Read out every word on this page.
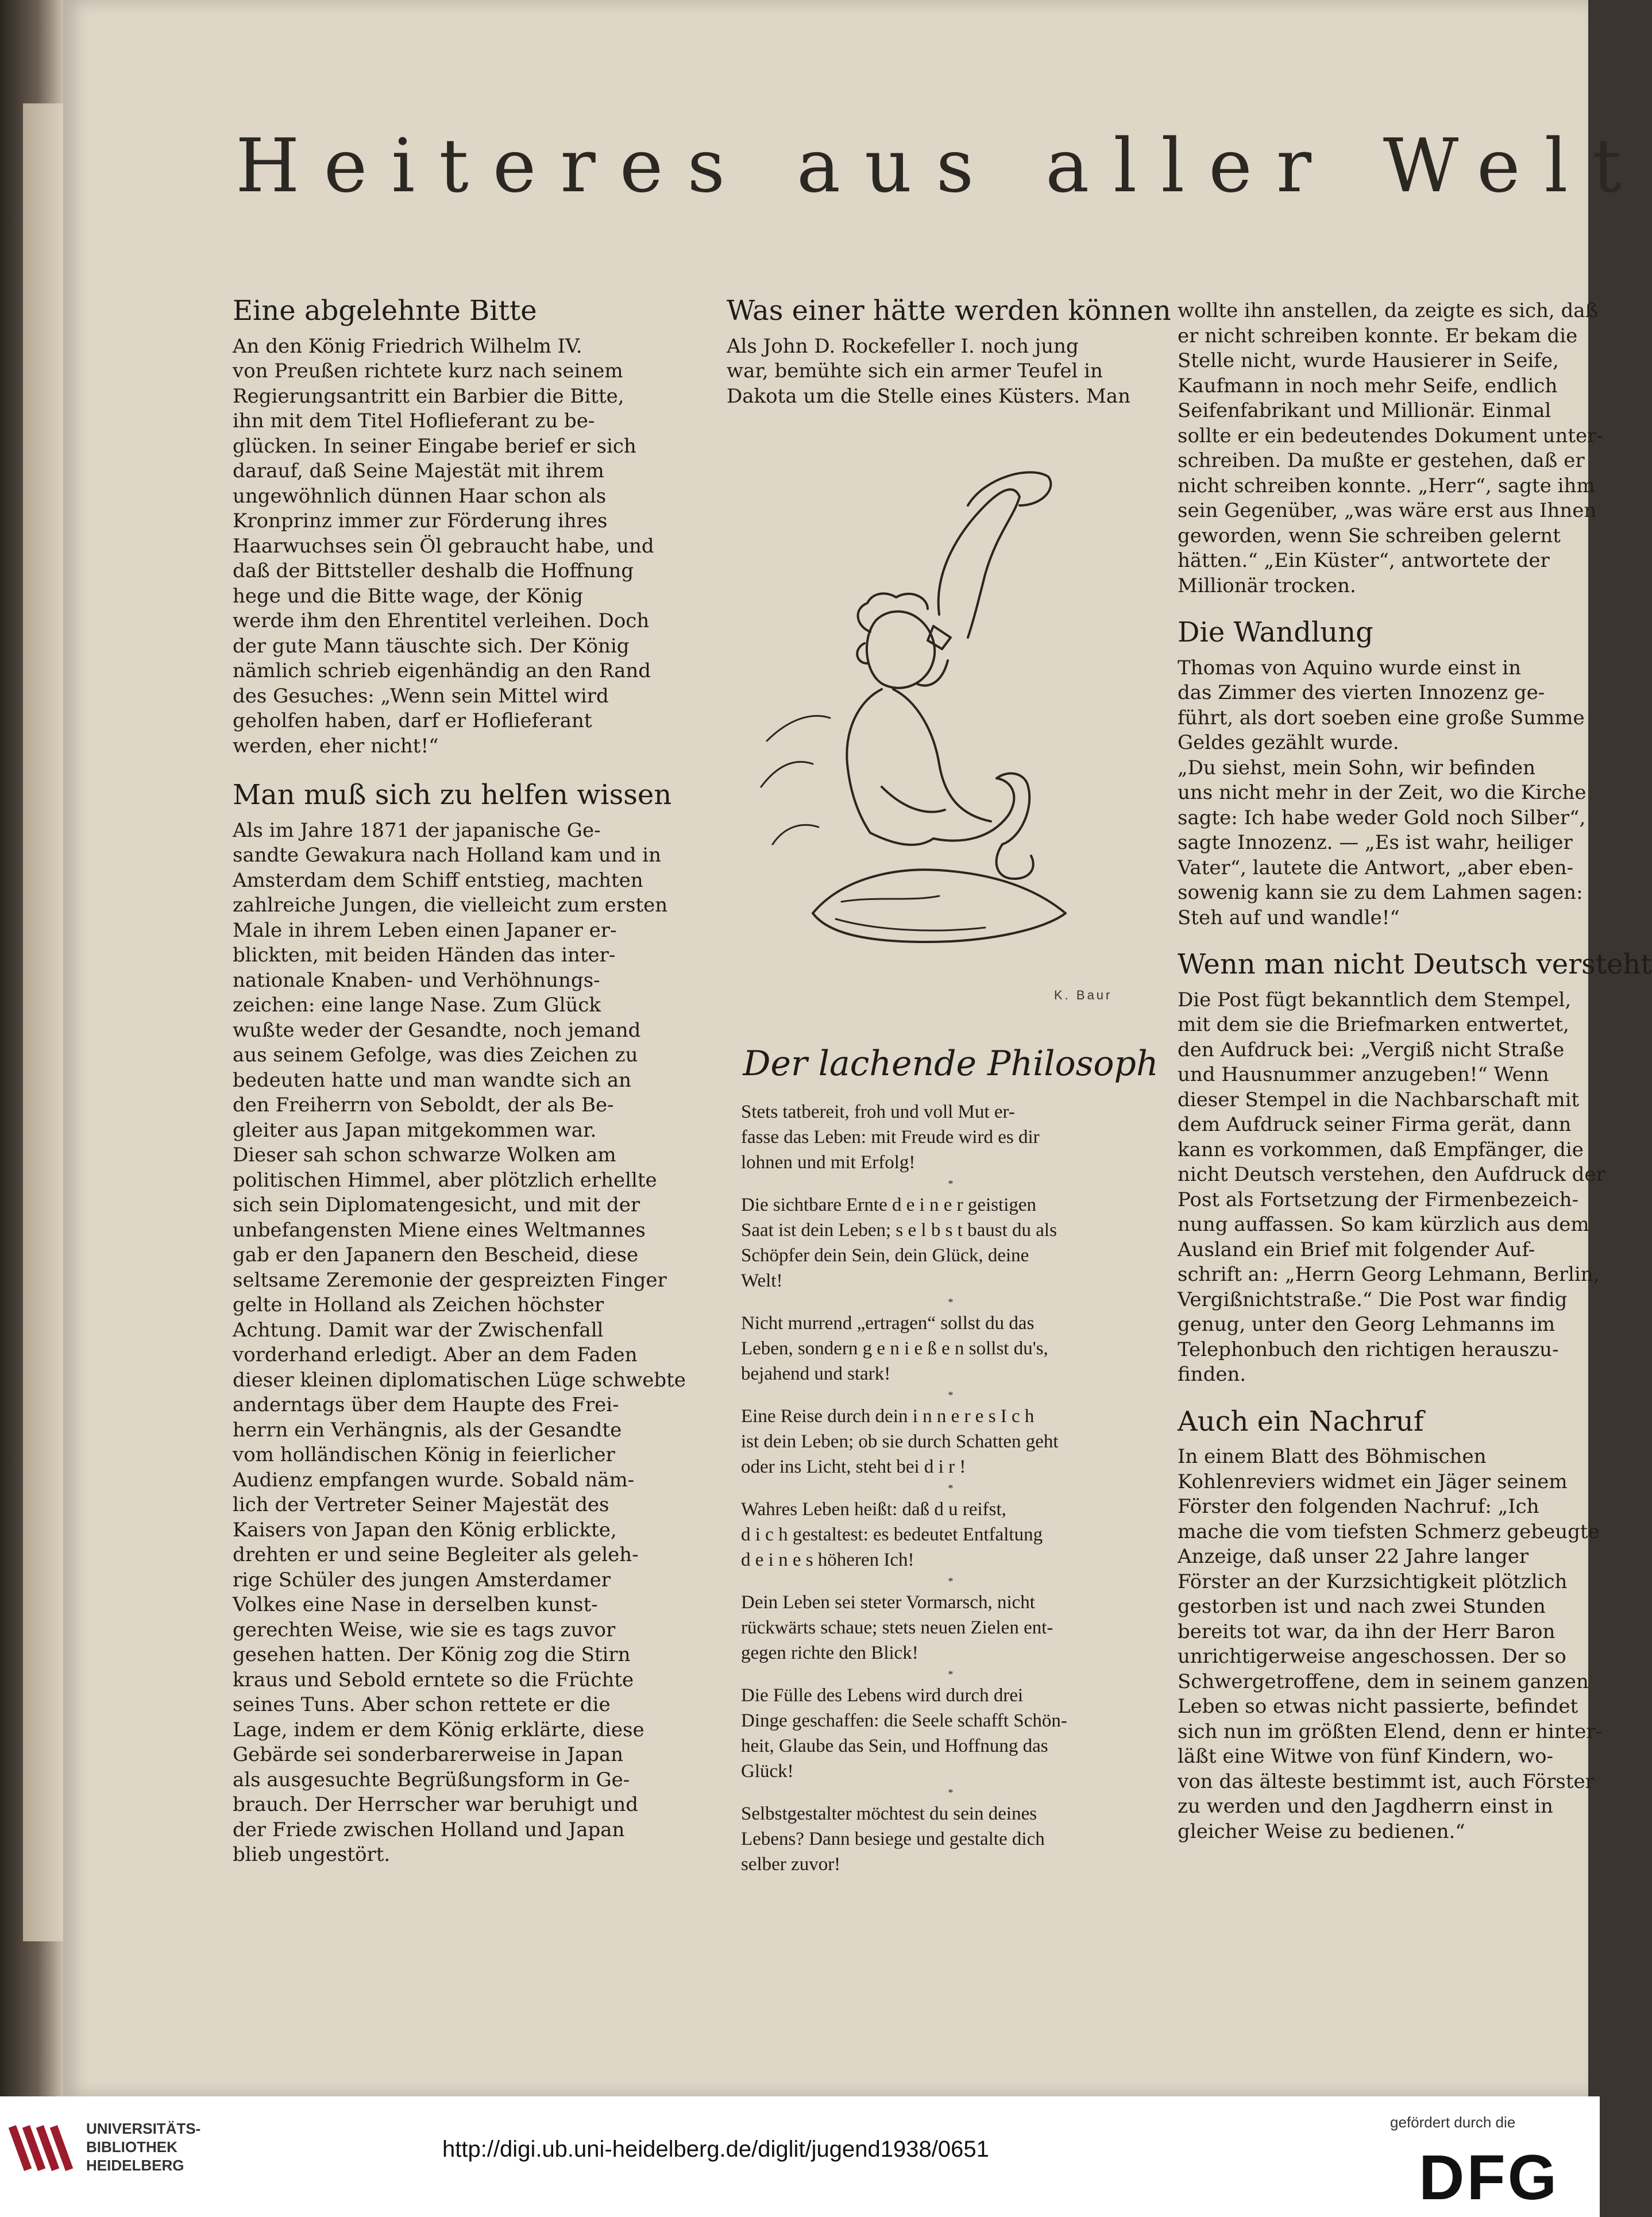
Heiteres aus aller Welt
Eine abgelehnte Bitte
An den König Friedrich Wilhelm IV.
von Preußen richtete kurz nach seinem
Regierungsantritt ein Barbier die Bitte,
ihn mit dem Titel Hoflieferant zu be-
glücken. In seiner Eingabe berief er sich
darauf, daß Seine Majestät mit ihrem
ungewöhnlich dünnen Haar schon als
Kronprinz immer zur Förderung ihres
Haarwuchses sein Öl gebraucht habe, und
daß der Bittsteller deshalb die Hoffnung
hege und die Bitte wage, der König
werde ihm den Ehrentitel verleihen. Doch
der gute Mann täuschte sich. Der König
nämlich schrieb eigenhändig an den Rand
des Gesuches: „Wenn sein Mittel wird
geholfen haben, darf er Hoflieferant
werden, eher nicht!“
Man muß sich zu helfen wissen
Als im Jahre 1871 der japanische Ge-
sandte Gewakura nach Holland kam und in
Amsterdam dem Schiff entstieg, machten
zahlreiche Jungen, die vielleicht zum ersten
Male in ihrem Leben einen Japaner er-
blickten, mit beiden Händen das inter-
nationale Knaben- und Verhöhnungs-
zeichen: eine lange Nase. Zum Glück
wußte weder der Gesandte, noch jemand
aus seinem Gefolge, was dies Zeichen zu
bedeuten hatte und man wandte sich an
den Freiherrn von Seboldt, der als Be-
gleiter aus Japan mitgekommen war.
Dieser sah schon schwarze Wolken am
politischen Himmel, aber plötzlich erhellte
sich sein Diplomatengesicht, und mit der
unbefangensten Miene eines Weltmannes
gab er den Japanern den Bescheid, diese
seltsame Zeremonie der gespreizten Finger
gelte in Holland als Zeichen höchster
Achtung. Damit war der Zwischenfall
vorderhand erledigt. Aber an dem Faden
dieser kleinen diplomatischen Lüge schwebte
anderntags über dem Haupte des Frei-
herrn ein Verhängnis, als der Gesandte
vom holländischen König in feierlicher
Audienz empfangen wurde. Sobald näm-
lich der Vertreter Seiner Majestät des
Kaisers von Japan den König erblickte,
drehten er und seine Begleiter als geleh-
rige Schüler des jungen Amsterdamer
Volkes eine Nase in derselben kunst-
gerechten Weise, wie sie es tags zuvor
gesehen hatten. Der König zog die Stirn
kraus und Sebold erntete so die Früchte
seines Tuns. Aber schon rettete er die
Lage, indem er dem König erklärte, diese
Gebärde sei sonderbarerweise in Japan
als ausgesuchte Begrüßungsform in Ge-
brauch. Der Herrscher war beruhigt und
der Friede zwischen Holland und Japan
blieb ungestört.
Was einer hätte werden können
Als John D. Rockefeller I. noch jung
war, bemühte sich ein armer Teufel in
Dakota um die Stelle eines Küsters. Man
K. Baur
Der lachende Philosoph
Stets tatbereit, froh und voll Mut er-
fasse das Leben: mit Freude wird es dir
lohnen und mit Erfolg!

*

Die sichtbare Ernte d e i n e r geistigen
Saat ist dein Leben; s e l b s t baust du als
Schöpfer dein Sein, dein Glück, deine
Welt!

*

Nicht murrend „ertragen“ sollst du das
Leben, sondern g e n i e ß e n sollst du's,
bejahend und stark!

*

Eine Reise durch dein i n n e r e s I c h
ist dein Leben; ob sie durch Schatten geht
oder ins Licht, steht bei d i r !

*

Wahres Leben heißt: daß d u reifst,
d i c h gestaltest: es bedeutet Entfaltung
d e i n e s höheren Ich!

*

Dein Leben sei steter Vormarsch, nicht
rückwärts schaue; stets neuen Zielen ent-
gegen richte den Blick!

*

Die Fülle des Lebens wird durch drei
Dinge geschaffen: die Seele schafft Schön-
heit, Glaube das Sein, und Hoffnung das
Glück!

*

Selbstgestalter möchtest du sein deines
Lebens? Dann besiege und gestalte dich
selber zuvor!
wollte ihn anstellen, da zeigte es sich, daß
er nicht schreiben konnte. Er bekam die
Stelle nicht, wurde Hausierer in Seife,
Kaufmann in noch mehr Seife, endlich
Seifenfabrikant und Millionär. Einmal
sollte er ein bedeutendes Dokument unter-
schreiben. Da mußte er gestehen, daß er
nicht schreiben konnte. „Herr“, sagte ihm
sein Gegenüber, „was wäre erst aus Ihnen
geworden, wenn Sie schreiben gelernt
hätten.“ „Ein Küster“, antwortete der
Millionär trocken.
Die Wandlung
Thomas von Aquino wurde einst in
das Zimmer des vierten Innozenz ge-
führt, als dort soeben eine große Summe
Geldes gezählt wurde.
„Du siehst, mein Sohn, wir befinden
uns nicht mehr in der Zeit, wo die Kirche
sagte: Ich habe weder Gold noch Silber“,
sagte Innozenz. — „Es ist wahr, heiliger
Vater“, lautete die Antwort, „aber eben-
sowenig kann sie zu dem Lahmen sagen:
Steh auf und wandle!“
Wenn man nicht Deutsch versteht
Die Post fügt bekanntlich dem Stempel,
mit dem sie die Briefmarken entwertet,
den Aufdruck bei: „Vergiß nicht Straße
und Hausnummer anzugeben!“ Wenn
dieser Stempel in die Nachbarschaft mit
dem Aufdruck seiner Firma gerät, dann
kann es vorkommen, daß Empfänger, die
nicht Deutsch verstehen, den Aufdruck der
Post als Fortsetzung der Firmenbezeich-
nung auffassen. So kam kürzlich aus dem
Ausland ein Brief mit folgender Auf-
schrift an: „Herrn Georg Lehmann, Berlin,
Vergißnichtstraße.“ Die Post war findig
genug, unter den Georg Lehmanns im
Telephonbuch den richtigen herauszu-
finden.
Auch ein Nachruf
In einem Blatt des Böhmischen
Kohlenreviers widmet ein Jäger seinem
Förster den folgenden Nachruf: „Ich
mache die vom tiefsten Schmerz gebeugte
Anzeige, daß unser 22 Jahre langer
Förster an der Kurzsichtigkeit plötzlich
gestorben ist und nach zwei Stunden
bereits tot war, da ihn der Herr Baron
unrichtigerweise angeschossen. Der so
Schwergetroffene, dem in seinem ganzen
Leben so etwas nicht passierte, befindet
sich nun im größten Elend, denn er hinter-
läßt eine Witwe von fünf Kindern, wo-
von das älteste bestimmt ist, auch Förster
zu werden und den Jagdherrn einst in
gleicher Weise zu bedienen.“
UNIVERSITÄTS-
BIBLIOTHEK
HEIDELBERG
http://digi.ub.uni-heidelberg.de/diglit/jugend1938/0651
gefördert durch die
DFG
